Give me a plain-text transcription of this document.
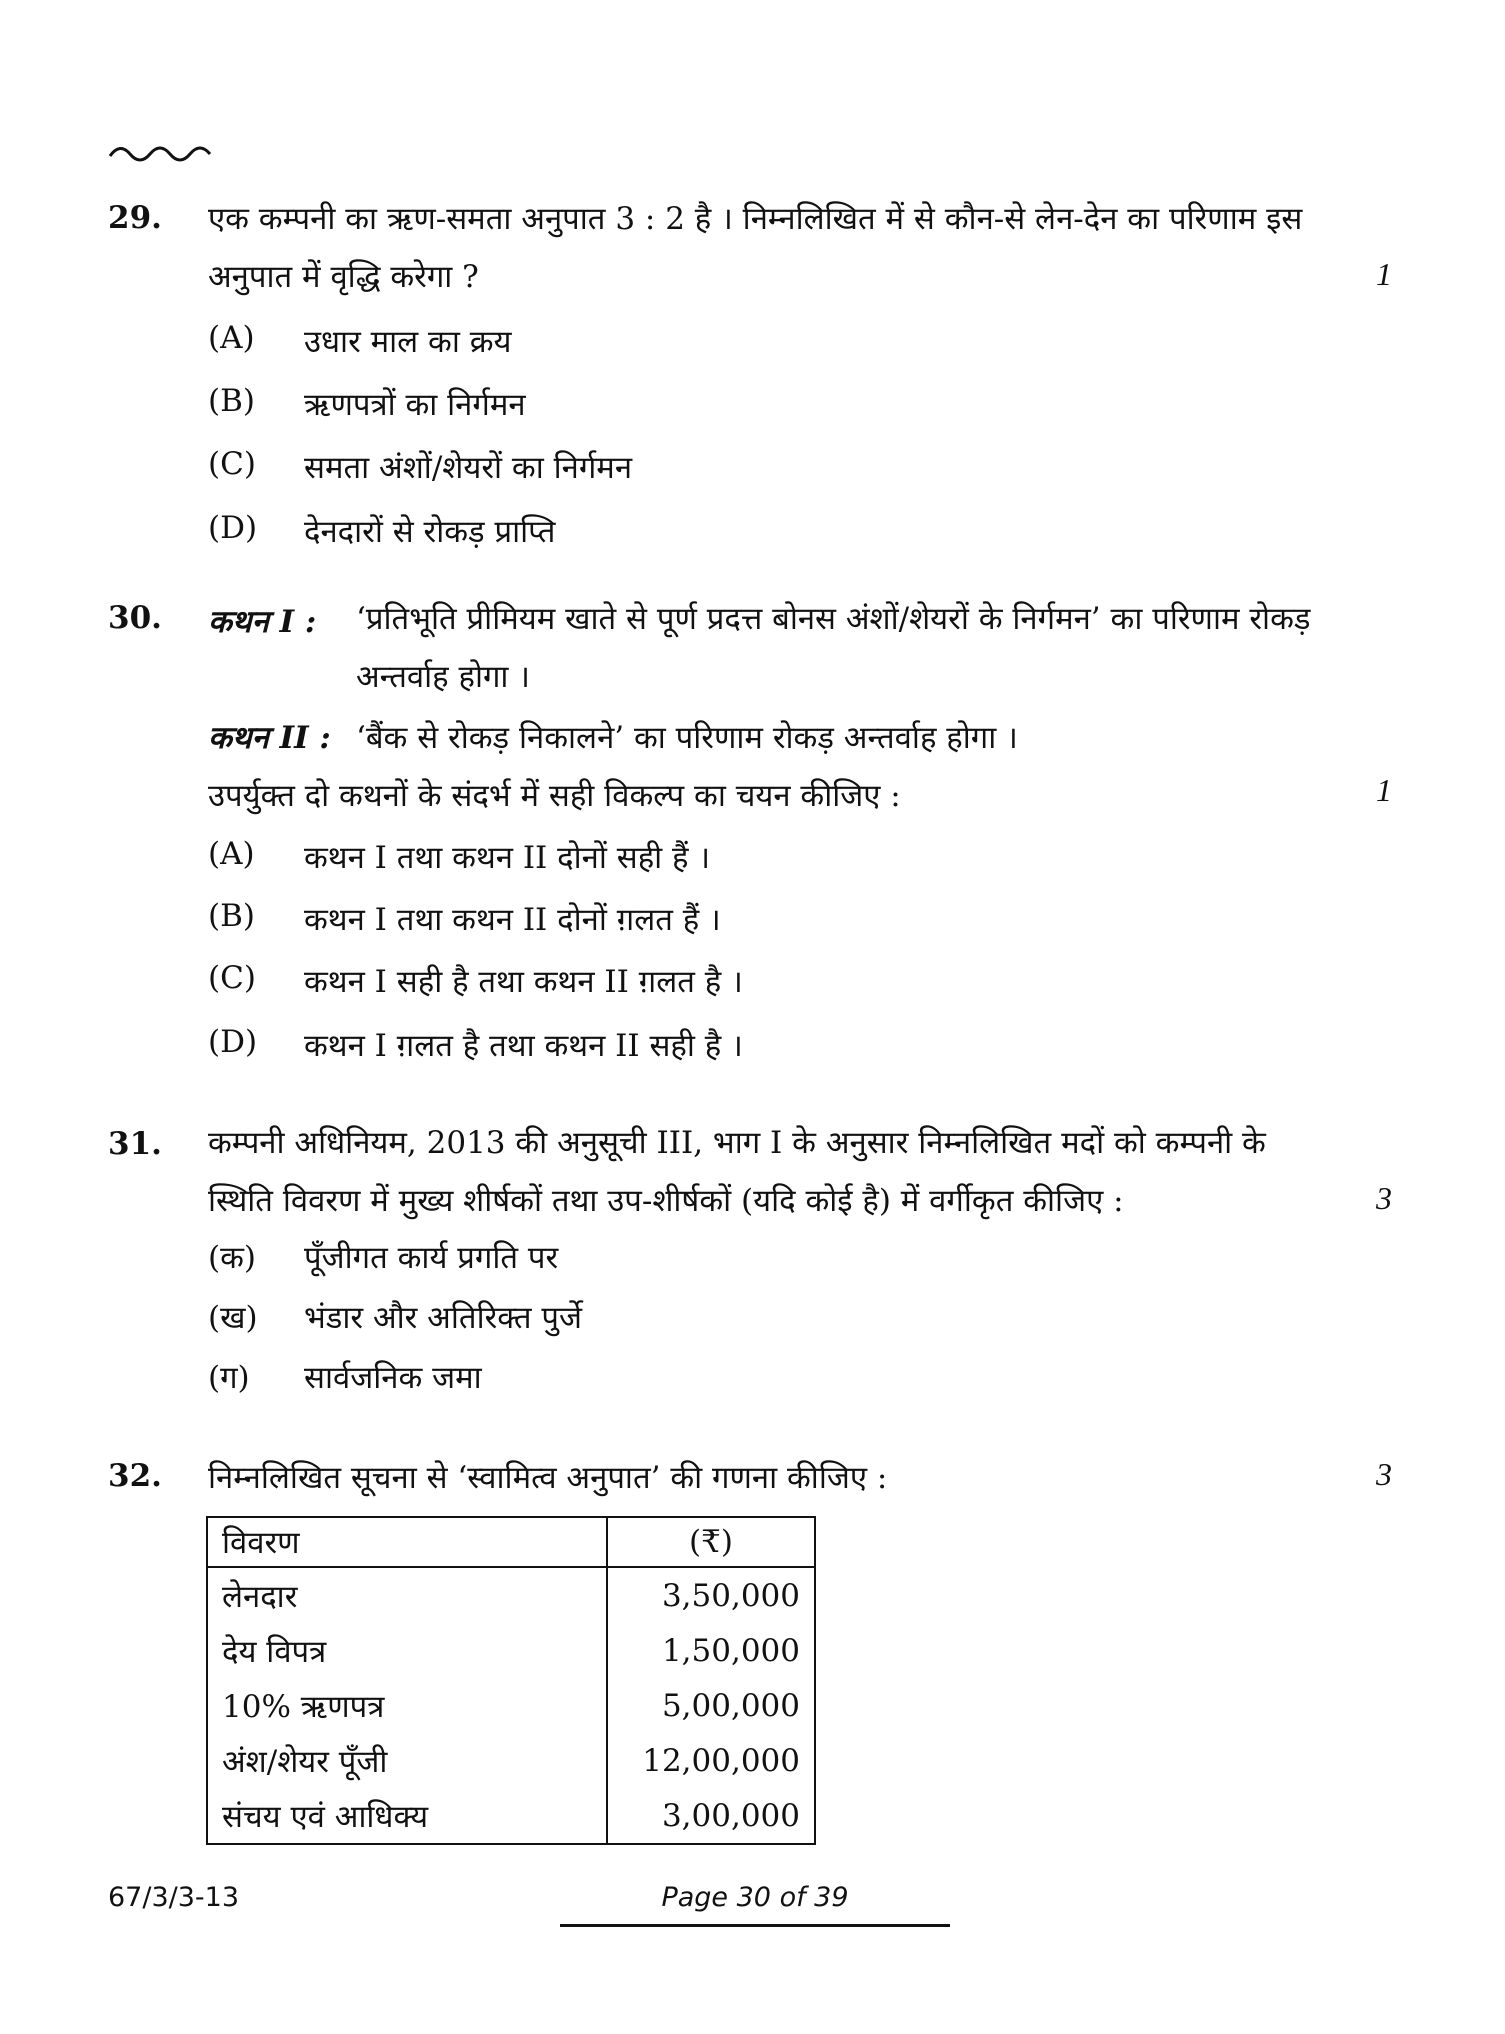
29. एक कम्पनी का ऋण-समता अनुपात 3 : 2 है । निम्नलिखित में से कौन-से लेन-देन का परिणाम इस अनुपात में वृद्धि करेगा ?	1
(A)	उधार माल का क्रय
(B)	ऋणपत्रों का निर्गमन
(C)	समता अंशों/शेयरों का निर्गमन
(D)	देनदारों से रोकड़ प्राप्ति
30. कथन I : ‘प्रतिभूति प्रीमियम खाते से पूर्ण प्रदत्त बोनस अंशों/शेयरों के निर्गमन’ का परिणाम रोकड़ अन्तर्वाह होगा ।
कथन II : ‘बैंक से रोकड़ निकालने’ का परिणाम रोकड़ अन्तर्वाह होगा ।
उपर्युक्त दो कथनों के संदर्भ में सही विकल्प का चयन कीजिए :	1
(A)	कथन I तथा कथन II दोनों सही हैं ।
(B)	कथन I तथा कथन II दोनों ग़लत हैं ।
(C)	कथन I सही है तथा कथन II ग़लत है ।
(D)	कथन I ग़लत है तथा कथन II सही है ।
31. कम्पनी अधिनियम, 2013 की अनुसूची III, भाग I के अनुसार निम्नलिखित मदों को कम्पनी के स्थिति विवरण में मुख्य शीर्षकों तथा उप-शीर्षकों (यदि कोई है) में वर्गीकृत कीजिए :	3
(क)	पूँजीगत कार्य प्रगति पर
(ख)	भंडार और अतिरिक्त पुर्जे
(ग)	सार्वजनिक जमा
32. निम्नलिखित सूचना से ‘स्वामित्व अनुपात’ की गणना कीजिए :	3
विवरण	(₹)
लेनदार	3,50,000
देय विपत्र	1,50,000
10% ऋणपत्र	5,00,000
अंश/शेयर पूँजी	12,00,000
संचय एवं आधिक्य	3,00,000
67/3/3-13	Page 30 of 39
